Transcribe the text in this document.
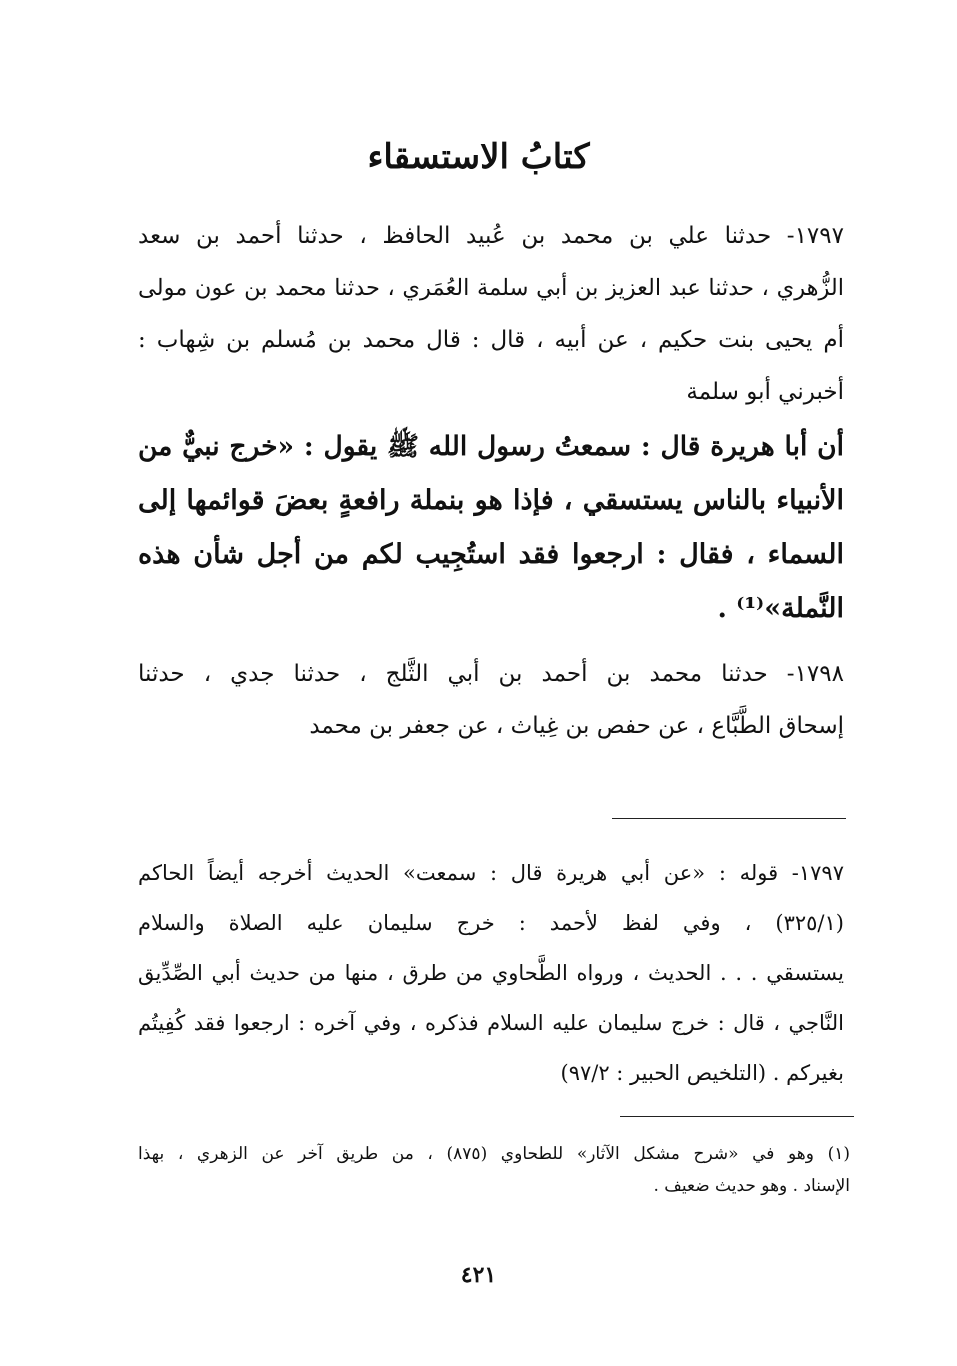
كتابُ الاستسقاء
١٧٩٧- حدثنا علي بن محمد بن عُبيد الحافظ ، حدثنا أحمد بن سعد
الزُّهري ، حدثنا عبد العزيز بن أبي سلمة العُمَري ، حدثنا محمد بن عون مولى
أم يحيى بنت حكيم ، عن أبيه ، قال : قال محمد بن مُسلم بن شِهاب :
أخبرني أبو سلمة
أن أبا هريرة قال : سمعتُ رسول الله ﷺ يقول : «خرج نبيٌّ من
الأنبياء بالناس يستسقي ، فإذا هو بنملة رافعةٍ بعضَ قوائمها إلى
السماء ، فقال : ارجعوا فقد استُجِيب لكم من أجل شأن هذه
النَّملة»⁽¹⁾ .
١٧٩٨- حدثنا محمد بن أحمد بن أبي الثَّلج ، حدثنا جدي ، حدثنا
إسحاق الطَّبَّاع ، عن حفص بن غِياث ، عن جعفر بن محمد
١٧٩٧- قوله : «عن أبي هريرة قال : سمعت» الحديث أخرجه أيضاً الحاكم
(٣٢٥/١) ، وفي لفظ لأحمد : خرج سليمان عليه الصلاة والسلام
يستسقي . . . الحديث ، ورواه الطَّحاوي من طرق ، منها من حديث أبي الصِّدِّيق
النَّاجي ، قال : خرج سليمان عليه السلام فذكره ، وفي آخره : ارجعوا فقد كُفِيتُم
بغيركم . (التلخيص الحبير : ٩٧/٢)
(١) وهو في «شرح مشكل الآثار» للطحاوي (٨٧٥) ، من طريق آخر عن الزهري ، بهذا
الإسناد . وهو حديث ضعيف .
٤٢١
